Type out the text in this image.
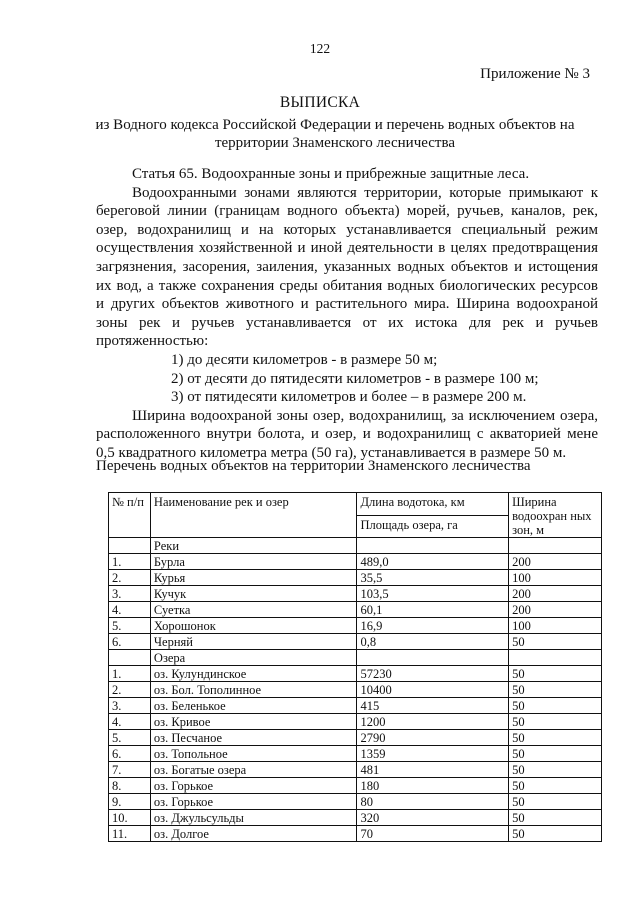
122
Приложение № 3
ВЫПИСКА
из Водного кодекса Российской Федерации и перечень водных объектов на территории Знаменского лесничества

Статья 65. Водоохранные зоны и прибрежные защитные леса.

Водоохранными зонами являются территории, которые примыкают к береговой линии (границам водного объекта) морей, ручьев, каналов, рек, озер, водохранилищ и на которых устанавливается специальный режим осуществления хозяйственной и иной деятельности в целях предотвращения загрязнения, засорения, заиления, указанных водных объектов и истощения их вод, а также сохранения среды обитания водных биологических ресурсов и других объектов животного и растительного мира. Ширина водоохраной зоны рек и ручьев устанавливается от их истока для рек и ручьев протяженностью:

1) до десяти километров - в размере 50 м;

2) от десяти до пятидесяти километров - в размере 100 м;

3) от пятидесяти километров и более – в размере 200 м.

Ширина водоохраной зоны озер, водохранилищ, за исключением озера, расположенного внутри болота, и озер, и водохранилищ с акваторией мене 0,5 квадратного километра метра (50 га), устанавливается в размере 50 м.

Перечень водных объектов на территории Знаменского лесничества
№ п/п	Наименование рек и озер	Длина водотока, км	Ширина водоохран ных зон, м
		Площадь озера, га	
	Реки		
1.	Бурла	489,0	200
2.	Курья	35,5	100
3.	Кучук	103,5	200
4.	Суетка	60,1	200
5.	Хорошонок	16,9	100
6.	Черняй	0,8	50
	Озера		
1.	оз. Кулундинское	57230	50
2.	оз. Бол. Тополинное	10400	50
3.	оз. Беленькое	415	50
4.	оз. Кривое	1200	50
5.	оз. Песчаное	2790	50
6.	оз. Топольное	1359	50
7.	оз. Богатые озера	481	50
8.	оз. Горькое	180	50
9.	оз. Горькое	80	50
10.	оз. Джульсульды	320	50
11.	оз. Долгое	70	50
